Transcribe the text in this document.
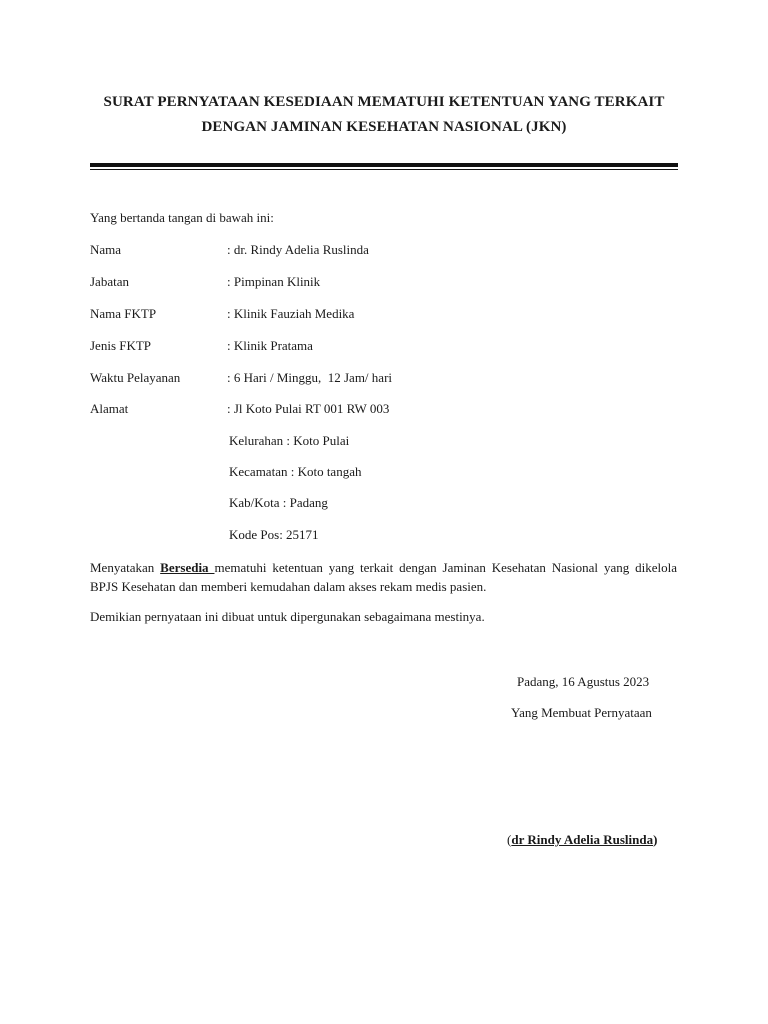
SURAT PERNYATAAN KESEDIAAN MEMATUHI KETENTUAN YANG TERKAIT
DENGAN JAMINAN KESEHATAN NASIONAL (JKN)
Yang bertanda tangan di bawah ini:
Nama	: dr. Rindy Adelia Ruslinda
Jabatan	: Pimpinan Klinik
Nama FKTP	: Klinik Fauziah Medika
Jenis FKTP	: Klinik Pratama
Waktu Pelayanan	: 6 Hari / Minggu,  12 Jam/ hari
Alamat	: Jl Koto Pulai RT 001 RW 003
Kelurahan : Koto Pulai
Kecamatan : Koto tangah
Kab/Kota : Padang
Kode Pos: 25171
Menyatakan Bersedia mematuhi ketentuan yang terkait dengan Jaminan Kesehatan Nasional yang dikelola BPJS Kesehatan dan memberi kemudahan dalam akses rekam medis pasien.
Demikian pernyataan ini dibuat untuk dipergunakan sebagaimana mestinya.
Padang, 16 Agustus 2023
Yang Membuat Pernyataan
(dr Rindy Adelia Ruslinda)
